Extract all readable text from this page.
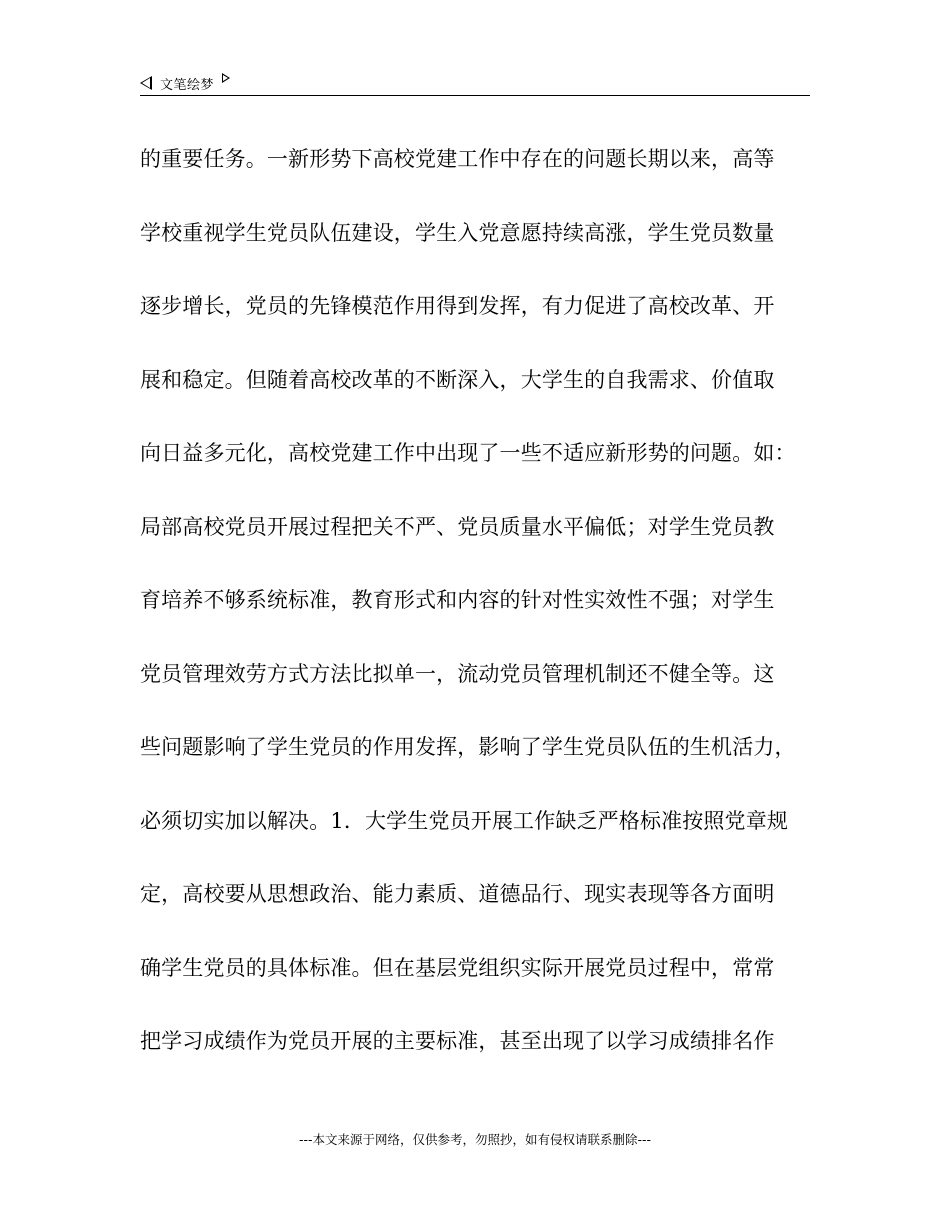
文笔绘梦
的重要任务。一新形势下高校党建工作中存在的问题长期以来，高等
学校重视学生党员队伍建设，学生入党意愿持续高涨，学生党员数量
逐步增长，党员的先锋模范作用得到发挥，有力促进了高校改革、开
展和稳定。但随着高校改革的不断深入，大学生的自我需求、价值取
向日益多元化，高校党建工作中出现了一些不适应新形势的问题。如：
局部高校党员开展过程把关不严、党员质量水平偏低；对学生党员教
育培养不够系统标准，教育形式和内容的针对性实效性不强；对学生
党员管理效劳方式方法比拟单一，流动党员管理机制还不健全等。这
些问题影响了学生党员的作用发挥，影响了学生党员队伍的生机活力，
必须切实加以解决。1．大学生党员开展工作缺乏严格标准按照党章规
定，高校要从思想政治、能力素质、道德品行、现实表现等各方面明
确学生党员的具体标准。但在基层党组织实际开展党员过程中，常常
把学习成绩作为党员开展的主要标准，甚至出现了以学习成绩排名作
---本文来源于网络，仅供参考，勿照抄，如有侵权请联系删除---
